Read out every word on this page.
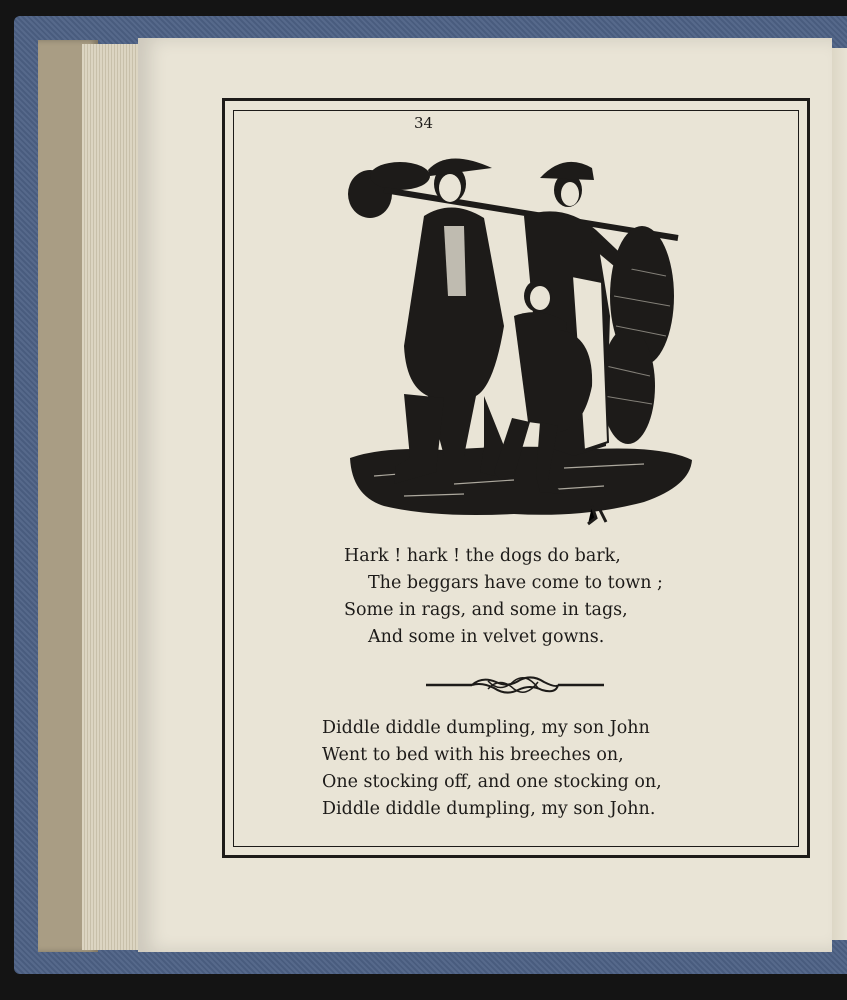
34
Hark ! hark ! the dogs do bark,
The beggars have come to town ;
Some in rags, and some in tags,
And some in velvet gowns.
Diddle diddle dumpling, my son John
Went to bed with his breeches on,
One stocking off, and one stocking on,
Diddle diddle dumpling, my son John.
